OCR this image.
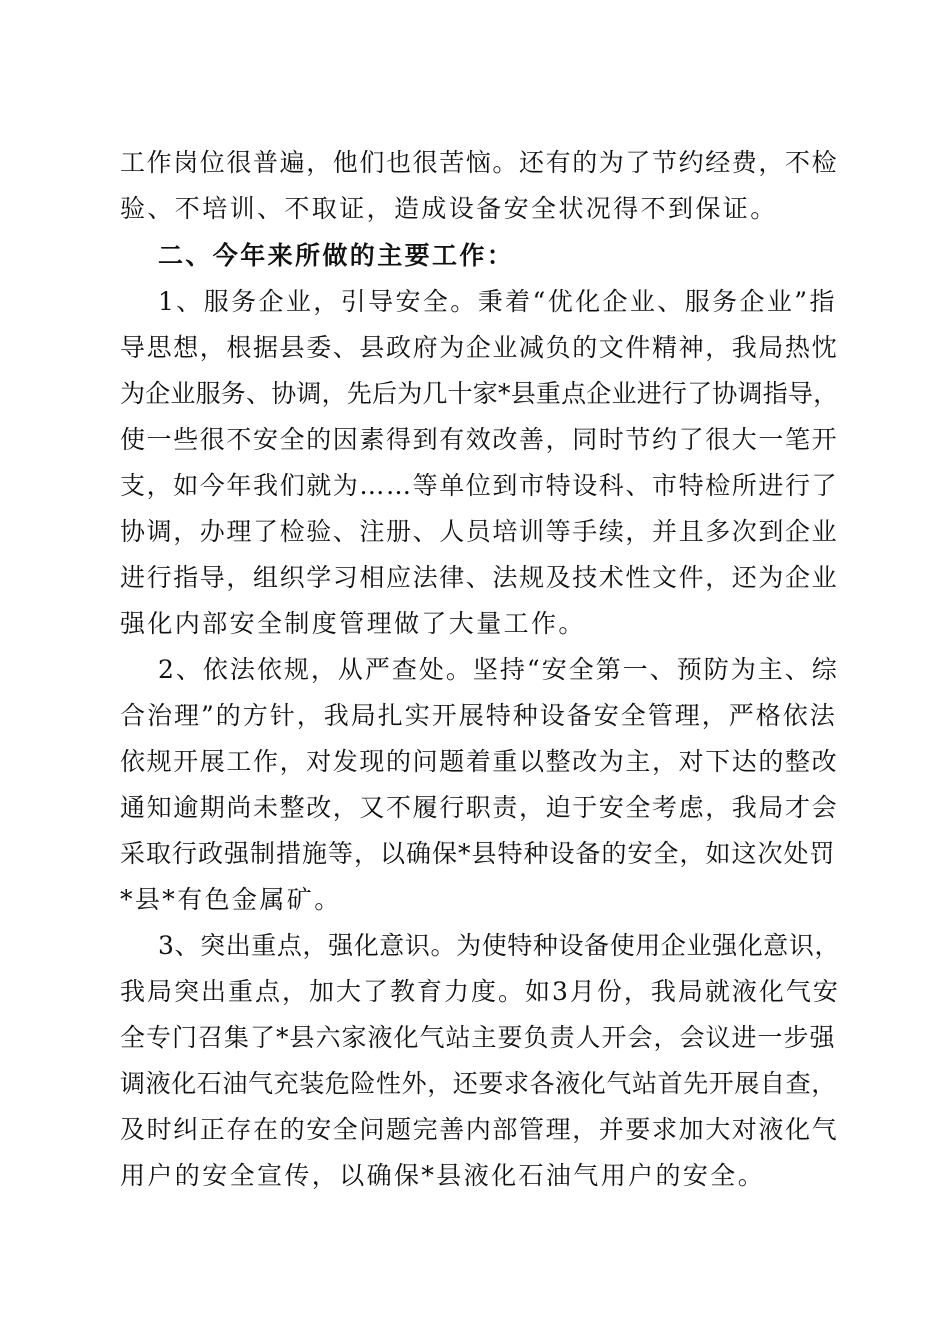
工作岗位很普遍，他们也很苦恼。还有的为了节约经费，不检

验、不培训、不取证，造成设备安全状况得不到保证。

二、今年来所做的主要工作：

1、服务企业，引导安全。秉着“优化企业、服务企业”指

导思想，根据县委、县政府为企业减负的文件精神，我局热忱

为企业服务、协调，先后为几十家*县重点企业进行了协调指导，

使一些很不安全的因素得到有效改善，同时节约了很大一笔开

支，如今年我们就为……等单位到市特设科、市特检所进行了

协调，办理了检验、注册、人员培训等手续，并且多次到企业

进行指导，组织学习相应法律、法规及技术性文件，还为企业

强化内部安全制度管理做了大量工作。

2、依法依规，从严查处。坚持“安全第一、预防为主、综

合治理”的方针，我局扎实开展特种设备安全管理，严格依法

依规开展工作，对发现的问题着重以整改为主，对下达的整改

通知逾期尚未整改，又不履行职责，迫于安全考虑，我局才会

采取行政强制措施等，以确保*县特种设备的安全，如这次处罚

*县*有色金属矿。

3、突出重点，强化意识。为使特种设备使用企业强化意识，

我局突出重点，加大了教育力度。如3月份，我局就液化气安

全专门召集了*县六家液化气站主要负责人开会，会议进一步强

调液化石油气充装危险性外，还要求各液化气站首先开展自查，

及时纠正存在的安全问题完善内部管理，并要求加大对液化气

用户的安全宣传，以确保*县液化石油气用户的安全。
